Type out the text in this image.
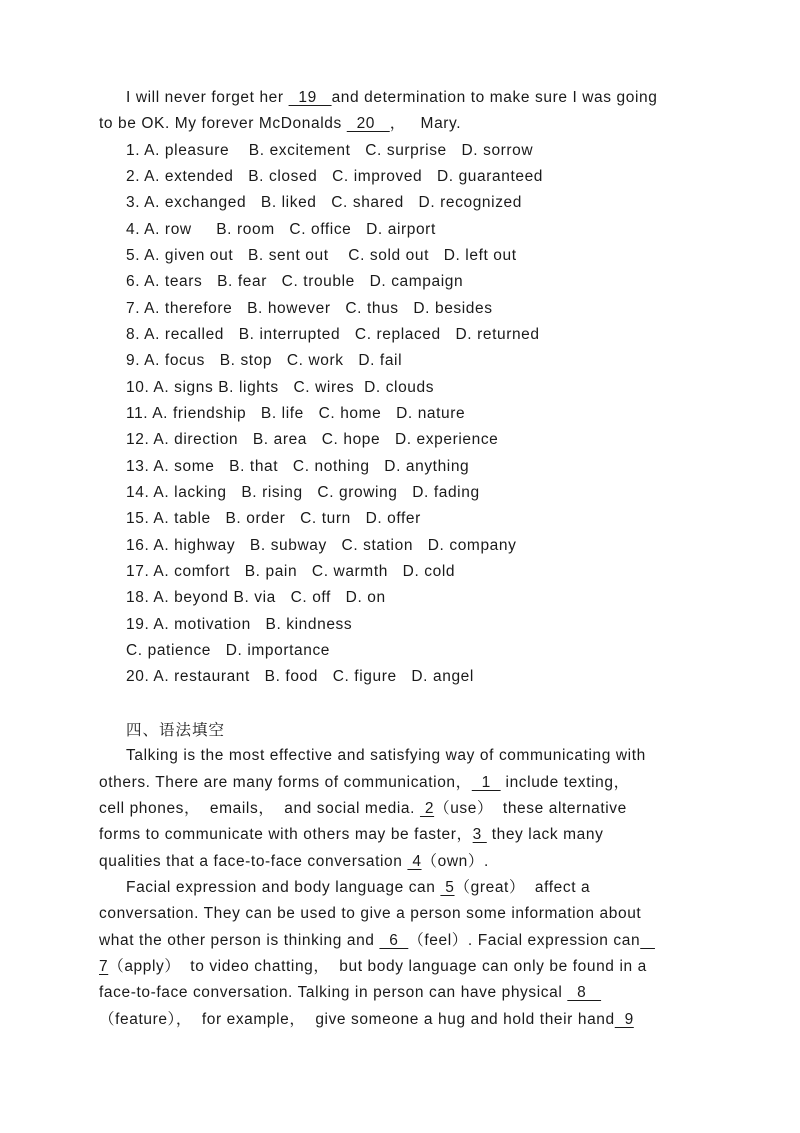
I will never forget her   19   and determination to make sure I was going
to be OK. My forever McDonalds   20   ，   Mary.
1. A. pleasure    B. excitement   C. surprise   D. sorrow
2. A. extended   B. closed   C. improved   D. guaranteed
3. A. exchanged   B. liked   C. shared   D. recognized
4. A. row     B. room   C. office   D. airport
5. A. given out   B. sent out    C. sold out   D. left out
6. A. tears   B. fear   C. trouble   D. campaign
7. A. therefore   B. however   C. thus   D. besides
8. A. recalled   B. interrupted   C. replaced   D. returned
9. A. focus   B. stop   C. work   D. fail
10. A. signs B. lights   C. wires  D. clouds
11. A. friendship   B. life   C. home   D. nature
12. A. direction   B. area   C. hope   D. experience
13. A. some   B. that   C. nothing   D. anything
14. A. lacking   B. rising   C. growing   D. fading
15. A. table   B. order   C. turn   D. offer
16. A. highway   B. subway   C. station   D. company
17. A. comfort   B. pain   C. warmth   D. cold
18. A. beyond B. via   C. off   D. on
19. A. motivation   B. kindness
C. patience   D. importance
20. A. restaurant   B. food   C. figure   D. angel
四、语法填空
Talking is the most effective and satisfying way of communicating with
others. There are many forms of communication，  1   include texting，
cell phones，  emails，  and social media.  2（use）  these alternative
forms to communicate with others may be faster，3  they lack many
qualities that a face-to-face conversation  4（own）.
Facial expression and body language can  5（great）  affect a
conversation. They can be used to give a person some information about
what the other person is thinking and   6  （feel）. Facial expression can
7（apply）  to video chatting，  but body language can only be found in a
face-to-face conversation. Talking in person can have physical   8
（feature），  for example，  give someone a hug and hold their hand  9
